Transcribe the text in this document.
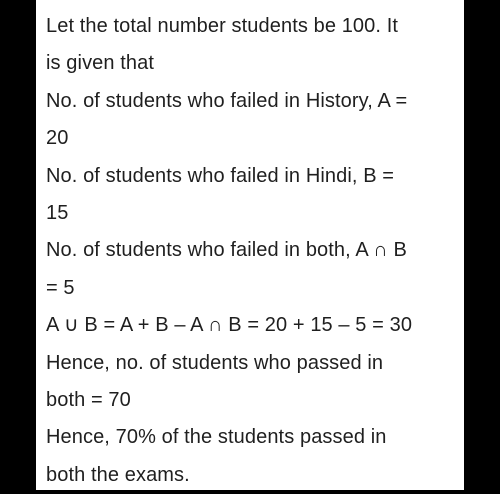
Let the total number students be 100. It
is given that
No. of students who failed in History, A =
20
No. of students who failed in Hindi, B =
15
No. of students who failed in both, A ∩ B
= 5
A ∪ B = A + B – A ∩ B = 20 + 15 – 5 = 30
Hence, no. of students who passed in
both = 70
Hence, 70% of the students passed in
both the exams.
